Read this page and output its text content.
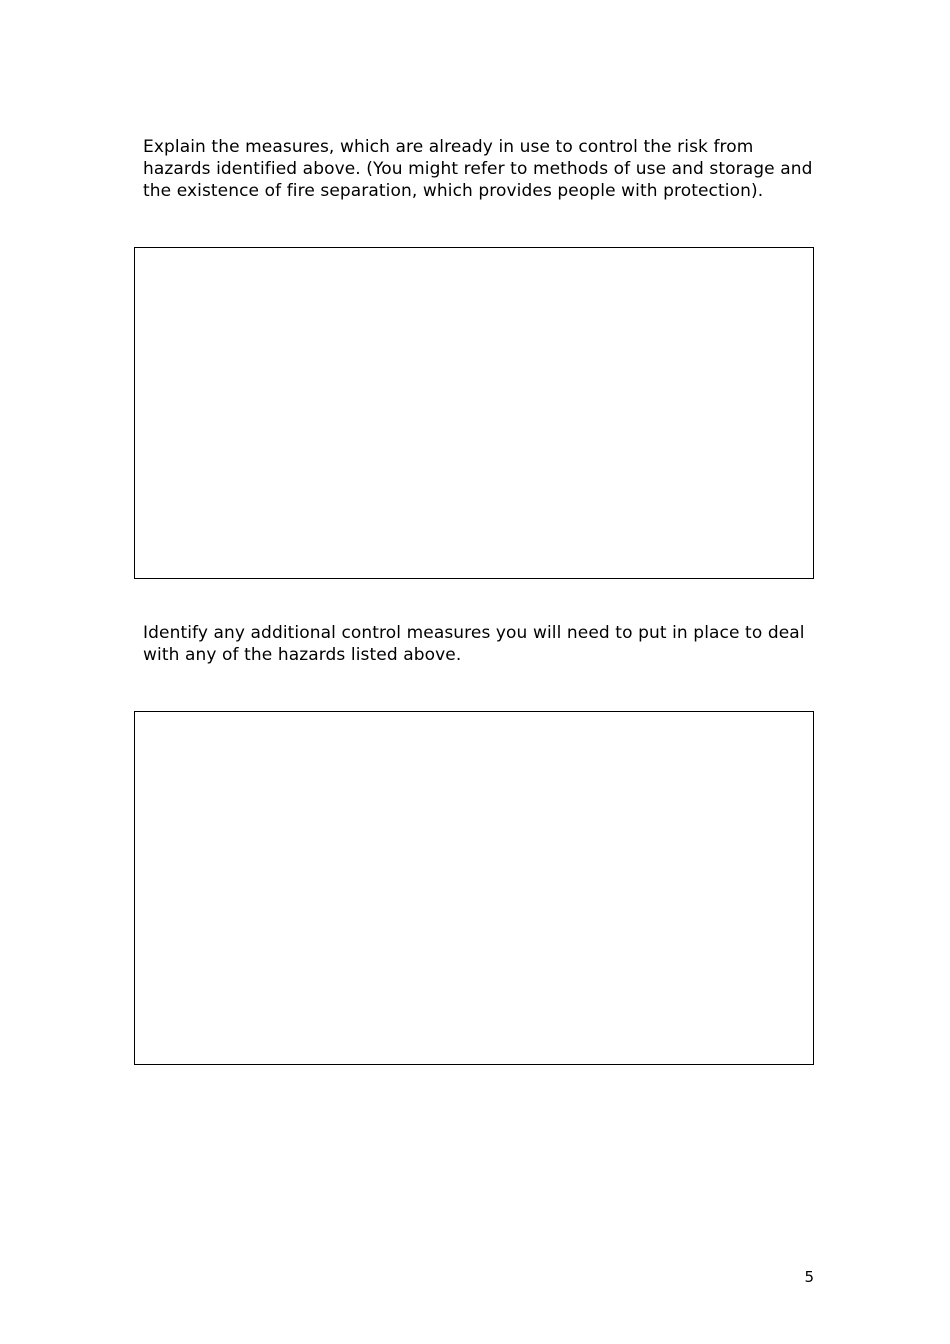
Explain the measures, which are already in use to control the risk from
hazards identified above. (You might refer to methods of use and storage and
the existence of fire separation, which provides people with protection).

Identify any additional control measures you will need to put in place to deal
with any of the hazards listed above.

5
